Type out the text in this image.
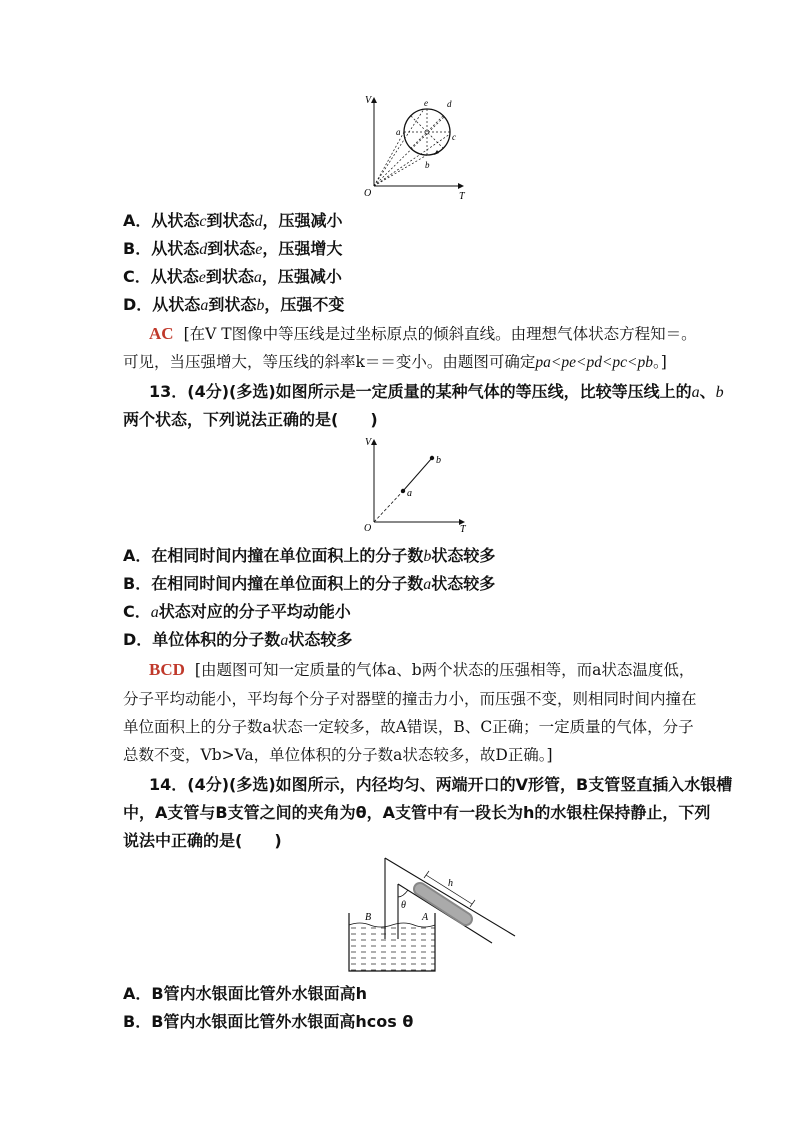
V
T
O
a
b
c
d
e
A．从状态c到状态d，压强减小
B．从状态d到状态e，压强增大
C．从状态e到状态a，压强减小
D．从状态a到状态b，压强不变
AC [在V T图像中等压线是过坐标原点的倾斜直线。由理想气体状态方程知＝。
可见，当压强增大，等压线的斜率k＝＝变小。由题图可确定pa<pe<pd<pc<pb。]
13．(4分)(多选)如图所示是一定质量的某种气体的等压线，比较等压线上的a、b
两个状态，下列说法正确的是(　　)
V
T
O
a
b
A．在相同时间内撞在单位面积上的分子数b状态较多
B．在相同时间内撞在单位面积上的分子数a状态较多
C．a状态对应的分子平均动能小
D．单位体积的分子数a状态较多
BCD [由题图可知一定质量的气体a、b两个状态的压强相等，而a状态温度低，
分子平均动能小，平均每个分子对器壁的撞击力小，而压强不变，则相同时间内撞在
单位面积上的分子数a状态一定较多，故A错误，B、C正确；一定质量的气体，分子
总数不变，Vb>Va，单位体积的分子数a状态较多，故D正确。]
14．(4分)(多选)如图所示，内径均匀、两端开口的V形管，B支管竖直插入水银槽
中，A支管与B支管之间的夹角为θ，A支管中有一段长为h的水银柱保持静止，下列
说法中正确的是(　　)
h
θ
B	A
A．B管内水银面比管外水银面高h
B．B管内水银面比管外水银面高hcos θ
